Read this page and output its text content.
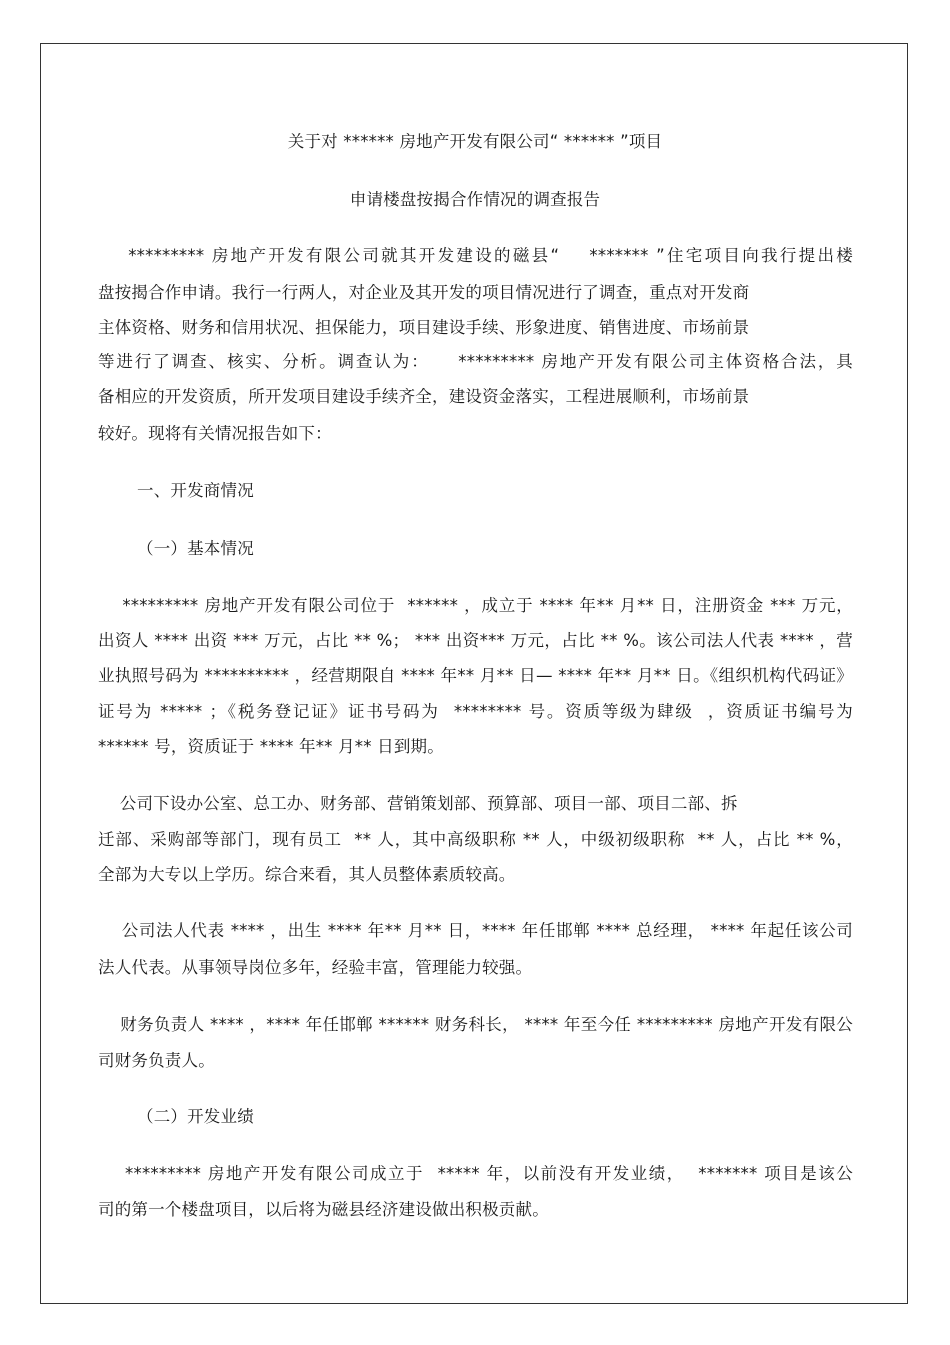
关于对 ****** 房地产开发有限公司“ ****** ”项目
申请楼盘按揭合作情况的调查报告
********* 房地产开发有限公司就其开发建设的磁县“    ******* ”住宅项目向我行提出楼
盘按揭合作申请。我行一行两人，对企业及其开发的项目情况进行了调查，重点对开发商
主体资格、财务和信用状况、担保能力，项目建设手续、形象进度、销售进度、市场前景
等进行了调查、核实、分析。调查认为：    ********* 房地产开发有限公司主体资格合法，具
备相应的开发资质，所开发项目建设手续齐全，建设资金落实，工程进展顺利，市场前景
较好。现将有关情况报告如下：
一、开发商情况
（一）基本情况
********* 房地产开发有限公司位于  ****** ，成立于 **** 年** 月** 日，注册资金 *** 万元，
出资人 **** 出资 *** 万元，占比 ** %； *** 出资*** 万元，占比 ** %。该公司法人代表 **** ，营
业执照号码为 ********** ，经营期限自 **** 年** 月** 日— **** 年** 月** 日。《组织机构代码证》
证号为 ***** ；《税务登记证》证书号码为  ******** 号。资质等级为肆级  ，资质证书编号为
****** 号，资质证于 **** 年** 月** 日到期。
公司下设办公室、总工办、财务部、营销策划部、预算部、项目一部、项目二部、拆
迁部、采购部等部门，现有员工  ** 人，其中高级职称 ** 人，中级初级职称  ** 人，占比 ** %，
全部为大专以上学历。综合来看，其人员整体素质较高。
公司法人代表 **** ，出生 **** 年** 月** 日，**** 年任邯郸 **** 总经理， **** 年起任该公司
法人代表。从事领导岗位多年，经验丰富，管理能力较强。
财务负责人 **** ，**** 年任邯郸 ****** 财务科长， **** 年至今任 ********* 房地产开发有限公
司财务负责人。
（二）开发业绩
********* 房地产开发有限公司成立于  ***** 年，以前没有开发业绩，  ******* 项目是该公
司的第一个楼盘项目，以后将为磁县经济建设做出积极贡献。
